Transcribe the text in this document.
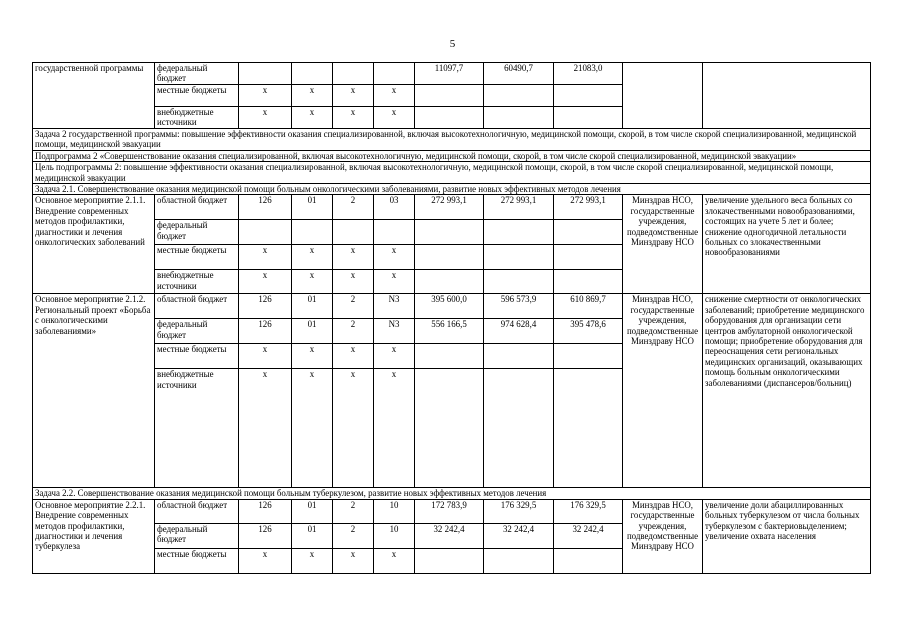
5
государственной программы	федеральный бюджет					11097,7	60490,7	21083,0		
	местные бюджеты	х	х	х	х					
	внебюджетные источники	х	х	х	х					
Задача 2 государственной программы: повышение эффективности оказания специализированной, включая высокотехнологичную, медицинской помощи, скорой, в том числе скорой специализированной, медицинской помощи, медицинской эвакуации										
Подпрограмма 2 «Совершенствование оказания специализированной, включая высокотехнологичную, медицинской помощи, скорой, в том числе скорой специализированной, медицинской эвакуации»										
Цель подпрограммы 2: повышение эффективности оказания специализированной, включая высокотехнологичную, медицинской помощи, скорой, в том числе скорой специализированной, медицинской помощи, медицинской эвакуации										
Задача 2.1. Совершенствование оказания медицинской помощи больным онкологическими заболеваниями, развитие новых эффективных методов лечения										
Основное мероприятие 2.1.1. Внедрение современных методов профилактики, диагностики и лечения онкологических заболеваний	областной бюджет	126	01	2	03	272 993,1	272 993,1	272 993,1	Минздрав НСО, государственные учреждения, подведомственные Минздраву НСО	увеличение удельного веса больных со злокачественными новообразованиями, состоящих на учете 5 лет и более; снижение одногодичной летальности больных со злокачественными новообразованиями
	федеральный бюджет									
	местные бюджеты	х	х	х	х					
	внебюджетные источники	х	х	х	х					
Основное мероприятие 2.1.2. Региональный проект «Борьба с онкологическими заболеваниями»	областной бюджет	126	01	2	N3	395 600,0	596 573,9	610 869,7	Минздрав НСО, государственные учреждения, подведомственные Минздраву НСО	снижение смертности от онкологических заболеваний; приобретение медицинского оборудования для организации сети центров амбулаторной онкологической помощи; приобретение оборудования для переоснащения сети региональных медицинских организаций, оказывающих помощь больным онкологическими заболеваниями (диспансеров/больниц)
	федеральный бюджет	126	01	2	N3	556 166,5	974 628,4	395 478,6		
	местные бюджеты	х	х	х	х					
	внебюджетные источники	х	х	х	х					
Задача 2.2. Совершенствование оказания медицинской помощи больным туберкулезом, развитие новых эффективных методов лечения										
Основное мероприятие 2.2.1. Внедрение современных методов профилактики, диагностики и лечения туберкулеза	областной бюджет	126	01	2	10	172 783,9	176 329,5	176 329,5	Минздрав НСО, государственные учреждения, подведомственные Минздраву НСО	увеличение доли абациллированных больных туберкулезом от числа больных туберкулезом с бактериовыделением; увеличение охвата населения
	федеральный бюджет	126	01	2	10	32 242,4	32 242,4	32 242,4		
	местные бюджеты	х	х	х	х					
